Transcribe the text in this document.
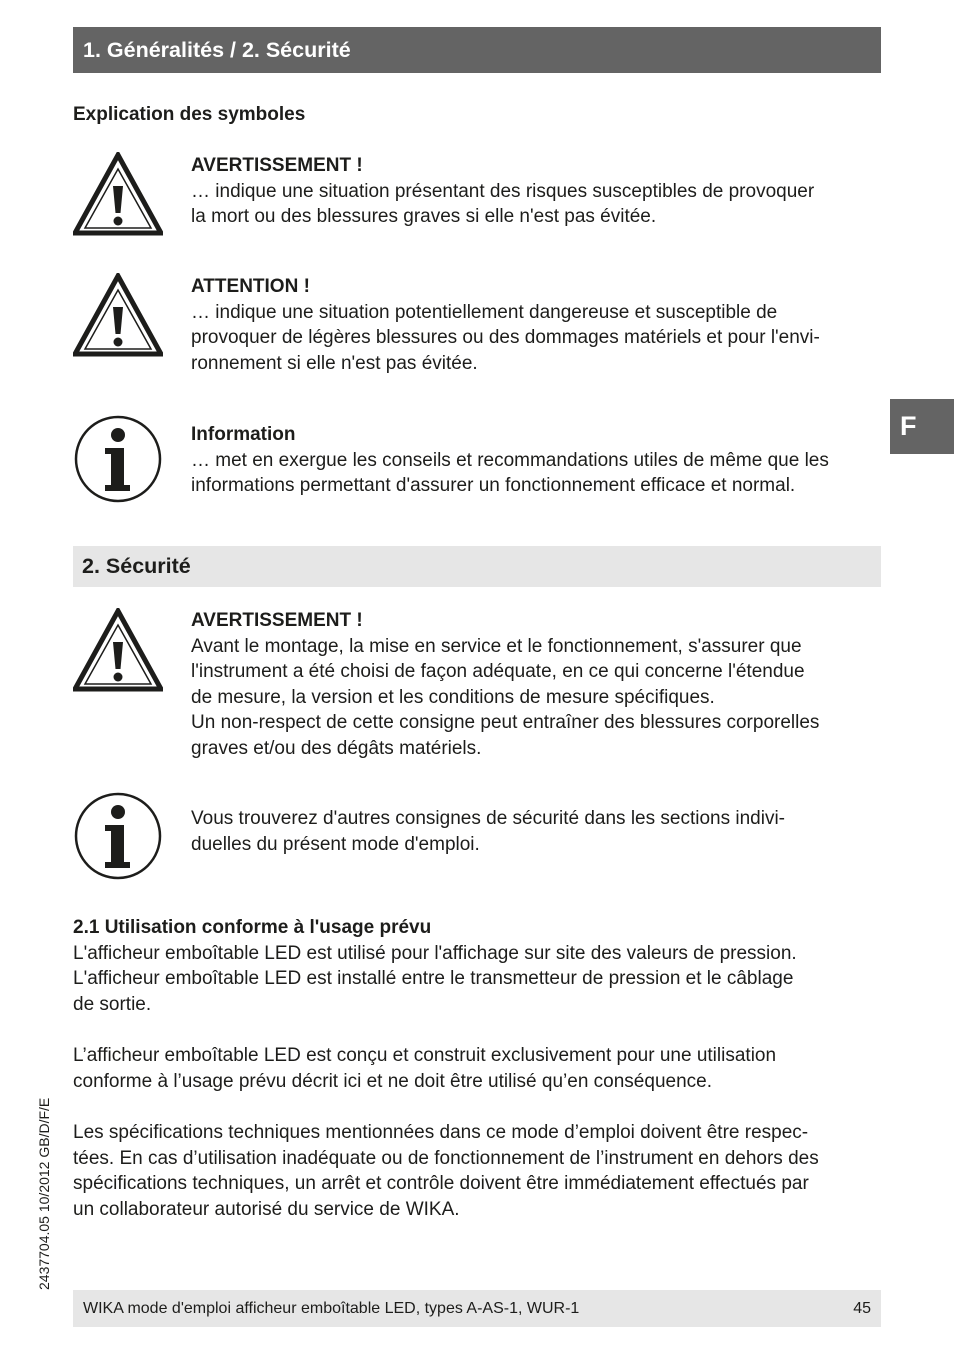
1. Généralités / 2. Sécurité
F
Explication des symboles
AVERTISSEMENT !
… indique une situation présentant des risques susceptibles de provoquer
la mort ou des blessures graves si elle n'est pas évitée.
ATTENTION !
… indique une situation potentiellement dangereuse et susceptible de
provoquer de légères blessures ou des dommages matériels et pour l'envi-
ronnement si elle n'est pas évitée.
Information
… met en exergue les conseils et recommandations utiles de même que les
informations permettant d'assurer un fonctionnement efficace et normal.
2. Sécurité
AVERTISSEMENT !
Avant le montage, la mise en service et le fonctionnement, s'assurer que
l'instrument a été choisi de façon adéquate, en ce qui concerne l'étendue
de mesure, la version et les conditions de mesure spécifiques.
Un non-respect de cette consigne peut entraîner des blessures corporelles
graves et/ou des dégâts matériels.
Vous trouverez d'autres consignes de sécurité dans les sections indivi-
duelles du présent mode d'emploi.
2.1 Utilisation conforme à l'usage prévu
L'afficheur emboîtable LED est utilisé pour l'affichage sur site des valeurs de pression.
L'afficheur emboîtable LED est installé entre le transmetteur de pression et le câblage
de sortie.
L’afficheur emboîtable LED est conçu et construit exclusivement pour une utilisation
conforme à l’usage prévu décrit ici et ne doit être utilisé qu’en conséquence.
Les spécifications techniques mentionnées dans ce mode d’emploi doivent être respec-
tées. En cas d’utilisation inadéquate ou de fonctionnement de l’instrument en dehors des
spécifications techniques, un arrêt et contrôle doivent être immédiatement effectués par
un collaborateur autorisé du service de WIKA.
2437704.05 10/2012 GB/D/F/E
WIKA mode d'emploi afficheur emboîtable LED, types A-AS-1, WUR-1	45
